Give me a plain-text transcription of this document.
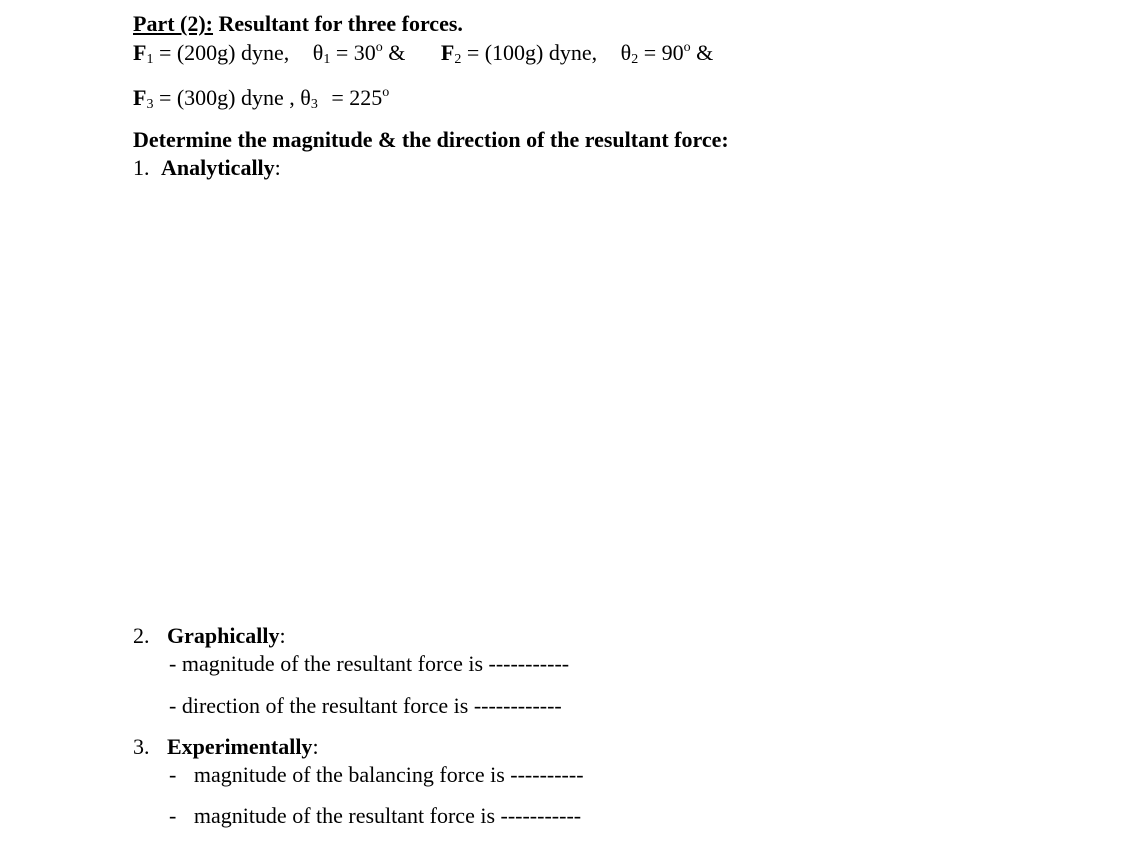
Part (2): Resultant for three forces.
$F_1 = (200g)$ dyne, $\theta_1 = 30^o$ & $F_2 = (100g)$ dyne, $\theta_2 = 90^o$ &
$F_3 = (300g)$ dyne , $\theta_3 = 225^o$
Determine the magnitude & the direction of the resultant force:
1. Analytically:
2. Graphically:
- magnitude of the resultant force is -----------
- direction of the resultant force is ------------
3. Experimentally:
- magnitude of the balancing force is ----------
- magnitude of the resultant force is -----------
